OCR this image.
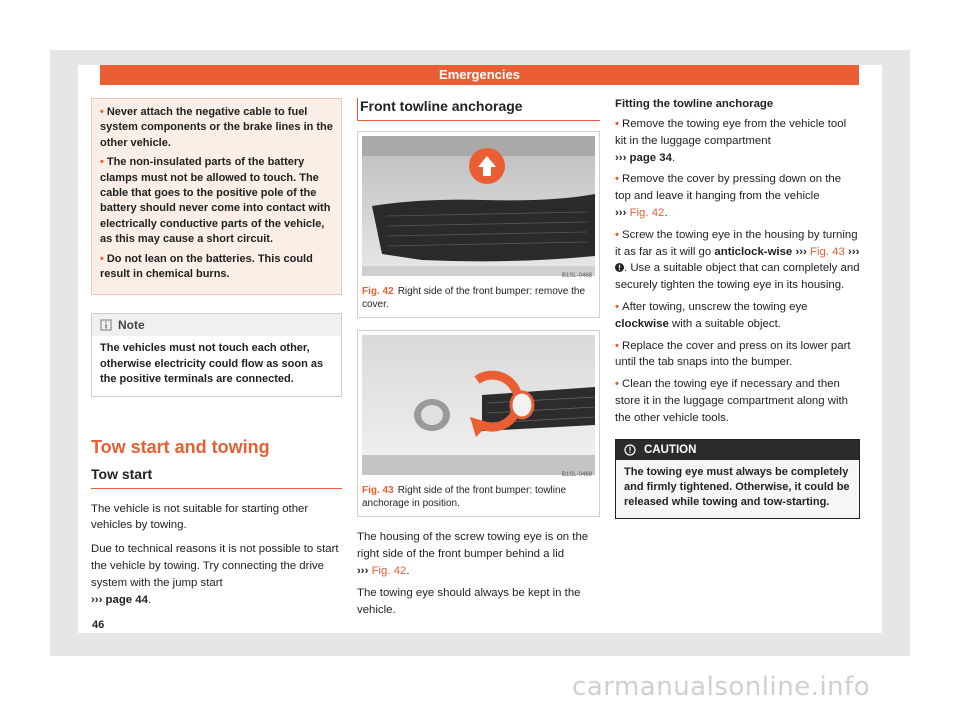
Emergencies

• Never attach the negative cable to fuel system components or the brake lines in the other vehicle.

• The non-insulated parts of the battery clamps must not be allowed to touch. The cable that goes to the positive pole of the battery should never come into contact with electrically conductive parts of the vehicle, as this may cause a short circuit.

• Do not lean on the batteries. This could result in chemical burns.

Note
The vehicles must not touch each other, otherwise electricity could flow as soon as the positive terminals are connected.
Tow start and towing
Tow start

The vehicle is not suitable for starting other vehicles by towing.

Due to technical reasons it is not possible to start the vehicle by towing. Try connecting the drive system with the jump start
››› page 44.

Front towline anchorage
B1SL-0468
Fig. 42 Right side of the front bumper: remove the cover.
B1SL-0469
Fig. 43 Right side of the front bumper: towline anchorage in position.

The housing of the screw towing eye is on the right side of the front bumper behind a lid
››› Fig. 42.

The towing eye should always be kept in the vehicle.

Fitting the towline anchorage

• Remove the towing eye from the vehicle tool kit in the luggage compartment
››› page 34.

• Remove the cover by pressing down on the top and leave it hanging from the vehicle
››› Fig. 42.

• Screw the towing eye in the housing by turning it as far as it will go anticlock-wise ››› Fig. 43 ››› . Use a suitable object that can completely and securely tighten the towing eye in its housing.

• After towing, unscrew the towing eye
clockwise with a suitable object.

• Replace the cover and press on its lower part until the tab snaps into the bumper.

• Clean the towing eye if necessary and then store it in the luggage compartment along with the other vehicle tools.

CAUTION
The towing eye must always be completely and firmly tightened. Otherwise, it could be released while towing and tow-starting.
46
carmanualsonline.info
